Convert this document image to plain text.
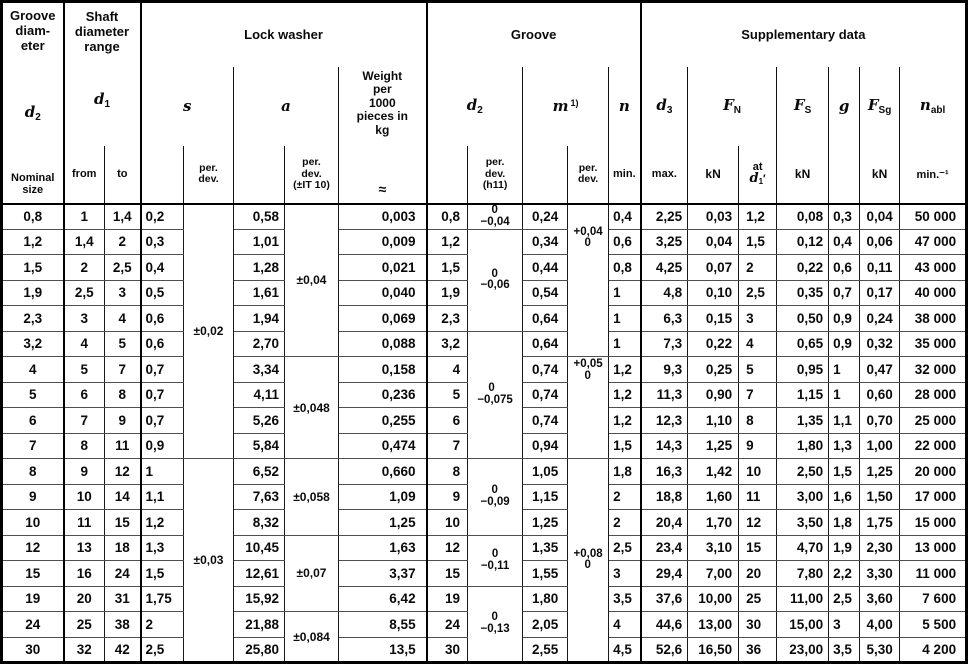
Groove
diam-
eter
$d_2$
Nominal
size

Shaft
diameter
range
$d_1$
	Lock washer	Groove	Supplementary data
s	a	
Weight
per
1000
pieces in
kg
≈
	$d_2$	m $^{1)}$	n	$d_3$	$F_N$	$F_S$	g	$F_{Sg}$	$n_{abl}$
	from	to		per.
dev.		per.
dev.
(±IT 10)			per.
dev.
(h11)		per.
dev.	min.	max.	kN	at
$d_1'$	kN		kN	min.⁻¹
0,8	1	1,4	0,2	±0,02	0,58	±0,04	0,003	0,8	0
−0,04	0,24	
+0,04
0
	0,4	2,25	0,03	1,2	0,08	0,3	0,04	50 000
1,2	1,4	2	0,3		1,01		0,009	1,2	0
−0,06	0,34		0,6	3,25	0,04	1,5	0,12	0,4	0,06	47 000
1,5	2	2,5	0,4		1,28		0,021	1,5		0,44		0,8	4,25	0,07	2	0,22	0,6	0,11	43 000
1,9	2,5	3	0,5		1,61		0,040	1,9		0,54		1	4,8	0,10	2,5	0,35	0,7	0,17	40 000
2,3	3	4	0,6		1,94		0,069	2,3		0,64		1	6,3	0,15	3	0,50	0,9	0,24	38 000
3,2	4	5	0,6		2,70		0,088	3,2	0
−0,075	0,64		1	7,3	0,22	4	0,65	0,9	0,32	35 000
4	5	7	0,7		3,34	±0,048	0,158	4		0,74	+0,05
0	1,2	9,3	0,25	5	0,95	1	0,47	32 000
5	6	8	0,7		4,11		0,236	5		0,74		1,2	11,3	0,90	7	1,15	1	0,60	28 000
6	7	9	0,7		5,26		0,255	6		0,74		1,2	12,3	1,10	8	1,35	1,1	0,70	25 000
7	8	11	0,9		5,84		0,474	7		0,94		1,5	14,3	1,25	9	1,80	1,3	1,00	22 000
8	9	12	1	±0,03	6,52	±0,058	0,660	8	
0
−0,09
	1,05	
+0,08
0
	1,8	16,3	1,42	10	2,50	1,5	1,25	20 000
9	10	14	1,1		7,63		1,09	9		1,15		2	18,8	1,60	11	3,00	1,6	1,50	17 000
10	11	15	1,2		8,32		1,25	10		1,25		2	20,4	1,70	12	3,50	1,8	1,75	15 000
12	13	18	1,3		10,45	±0,07	1,63	12	0
−0,11	1,35		2,5	23,4	3,10	15	4,70	1,9	2,30	13 000
15	16	24	1,5		12,61		3,37	15		1,55		3	29,4	7,00	20	7,80	2,2	3,30	11 000
19	20	31	1,75		15,92		6,42	19	0
−0,13	1,80		3,5	37,6	10,00	25	11,00	2,5	3,60	7 600
24	25	38	2		21,88	±0,084	8,55	24		2,05		4	44,6	13,00	30	15,00	3	4,00	5 500
30	32	42	2,5		25,80		13,5	30		2,55		4,5	52,6	16,50	36	23,00	3,5	5,30	4 200
